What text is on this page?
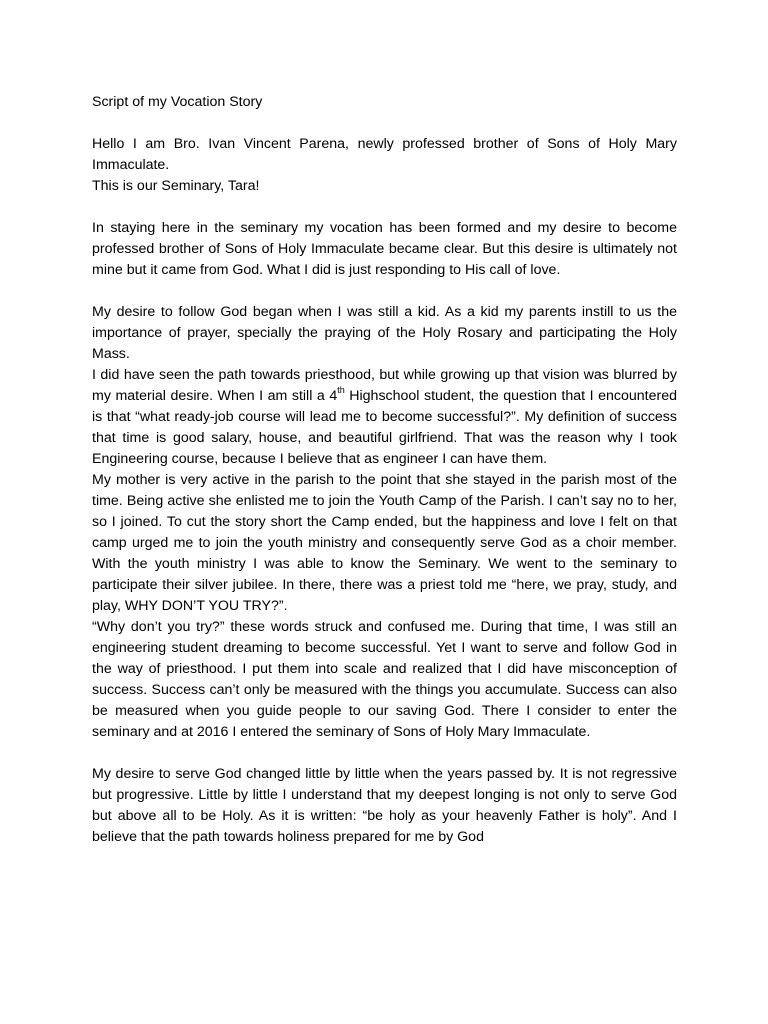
Script of my Vocation Story
Hello I am Bro. Ivan Vincent Parena, newly professed brother of Sons of Holy Mary Immaculate.
This is our Seminary, Tara!
In staying here in the seminary my vocation has been formed and my desire to become professed brother of Sons of Holy Immaculate became clear. But this desire is ultimately not mine but it came from God. What I did is just responding to His call of love.
My desire to follow God began when I was still a kid. As a kid my parents instill to us the importance of prayer, specially the praying of the Holy Rosary and participating the Holy Mass.
I did have seen the path towards priesthood, but while growing up that vision was blurred by my material desire. When I am still a 4th Highschool student, the question that I encountered is that “what ready-job course will lead me to become successful?”. My definition of success that time is good salary, house, and beautiful girlfriend. That was the reason why I took Engineering course, because I believe that as engineer I can have them.
My mother is very active in the parish to the point that she stayed in the parish most of the time. Being active she enlisted me to join the Youth Camp of the Parish. I can’t say no to her, so I joined. To cut the story short the Camp ended, but the happiness and love I felt on that camp urged me to join the youth ministry and consequently serve God as a choir member. With the youth ministry I was able to know the Seminary. We went to the seminary to participate their silver jubilee. In there, there was a priest told me “here, we pray, study, and play, WHY DON’T YOU TRY?”.
“Why don’t you try?” these words struck and confused me. During that time, I was still an engineering student dreaming to become successful. Yet I want to serve and follow God in the way of priesthood. I put them into scale and realized that I did have misconception of success. Success can’t only be measured with the things you accumulate. Success can also be measured when you guide people to our saving God. There I consider to enter the seminary and at 2016 I entered the seminary of Sons of Holy Mary Immaculate.
My desire to serve God changed little by little when the years passed by. It is not regressive but progressive. Little by little I understand that my deepest longing is not only to serve God but above all to be Holy. As it is written: “be holy as your heavenly Father is holy”. And I believe that the path towards holiness prepared for me by God
